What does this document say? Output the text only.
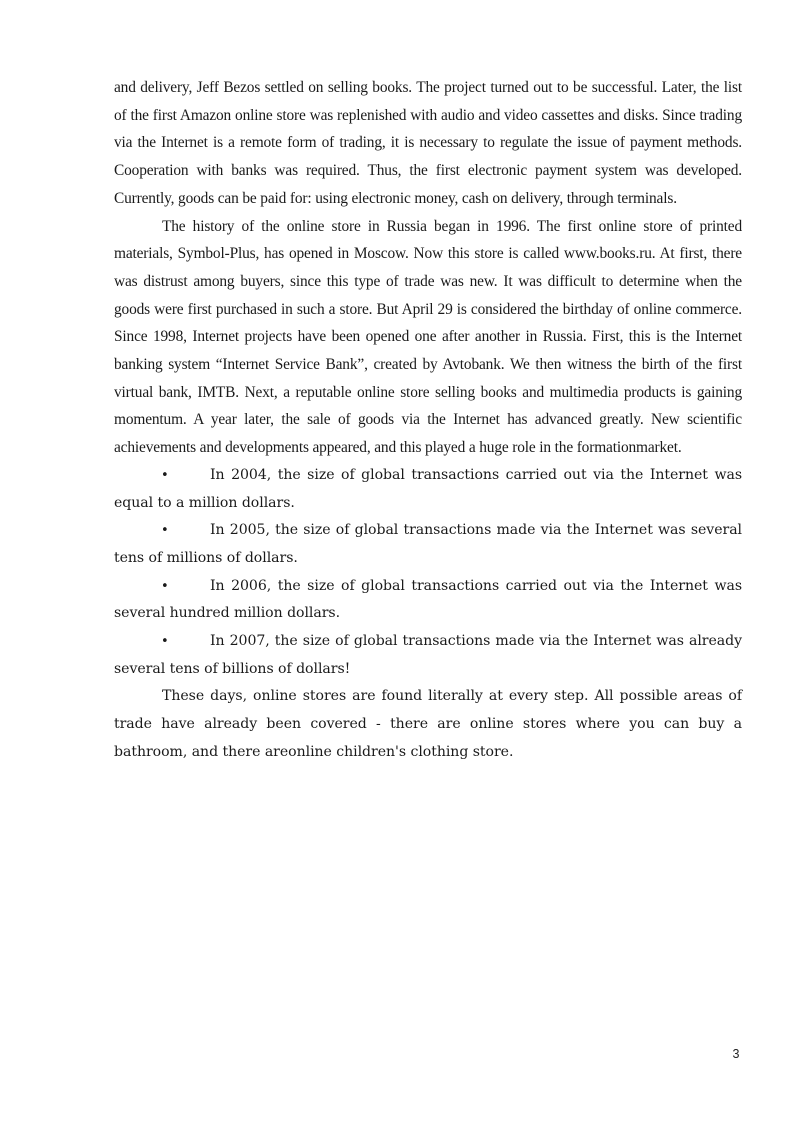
and delivery, Jeff Bezos settled on selling books. The project turned out to be successful. Later, the list of the first Amazon online store was replenished with audio and video cassettes and disks. Since trading via the Internet is a remote form of trading, it is necessary to regulate the issue of payment methods. Cooperation with banks was required. Thus, the first electronic payment system was developed. Currently, goods can be paid for: using electronic money, cash on delivery, through terminals.

The history of the online store in Russia began in 1996. The first online store of printed materials, Symbol-Plus, has opened in Moscow. Now this store is called www.books.ru. At first, there was distrust among buyers, since this type of trade was new. It was difficult to determine when the goods were first purchased in such a store. But April 29 is considered the birthday of online commerce. Since 1998, Internet projects have been opened one after another in Russia. First, this is the Internet banking system “Internet Service Bank”, created by Avtobank. We then witness the birth of the first virtual bank, IMTB. Next, a reputable online store selling books and multimedia products is gaining momentum. A year later, the sale of goods via the Internet has advanced greatly. New scientific achievements and developments appeared, and this played a huge role in the formationmarket.

•	In 2004, the size of global transactions carried out via the Internet was equal to a million dollars.

•	In 2005, the size of global transactions made via the Internet was several tens of millions of dollars.

•	In 2006, the size of global transactions carried out via the Internet was several hundred million dollars.

•	In 2007, the size of global transactions made via the Internet was already several tens of billions of dollars!

These days, online stores are found literally at every step. All possible areas of trade have already been covered - there are online stores where you can buy a bathroom, and there areonline children's clothing store.

3
